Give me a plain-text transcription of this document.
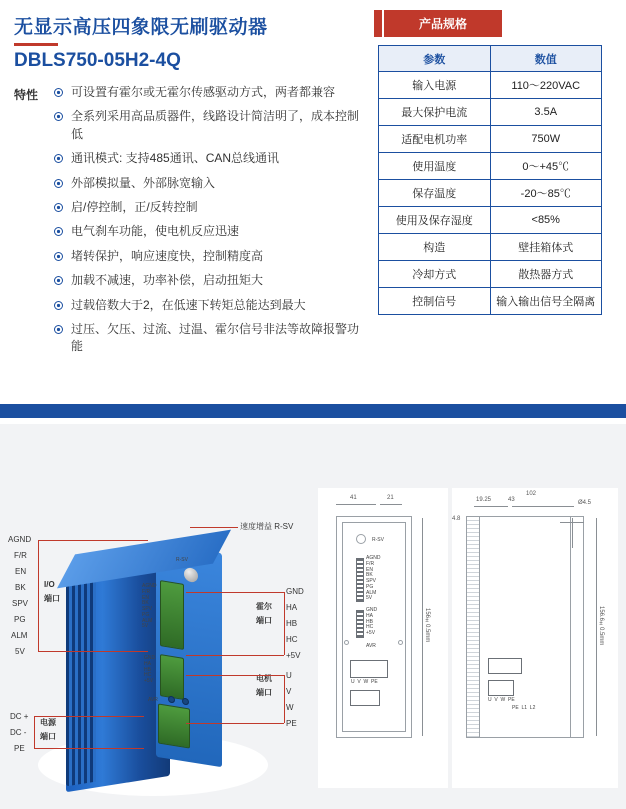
无显示高压四象限无刷驱动器
DBLS750-05H2-4Q
特性	可设置有霍尔或无霍尔传感驱动方式，两者都兼容
全系列采用高品质器件，线路设计简洁明了，成本控制低
通讯模式: 支持485通讯、CAN总线通讯
外部模拟量、外部脉宽输入
启/停控制，正/反转控制
电气刹车功能，使电机反应迅速
堵转保护，响应速度快，控制精度高
加载不减速，功率补偿，启动扭矩大
过载倍数大于2，在低速下转矩总能达到最大
过压、欠压、过流、过温、霍尔信号非法等故障报警功能
产品规格
参数	数值
输入电源	110～220VAC
最大保护电流	3.5A
适配电机功率	750W
使用温度	0～+45℃
保存温度	-20～85℃
使用及保存湿度	<85%
构造	壁挂箱体式
冷却方式	散热器方式
控制信号	输入输出信号全隔离
AGND
F/R
EN
BK
SPV
PG
ALM
5V
GND
HA
HB
HC
+5V
AVR
R-SV
AGND
F/R
EN
BK
SPV
PG
ALM
5V
I/O
端口
DC +
DC -
PE
电源
端口
速度增益 R-SV
霍尔
端口
GND
HA
HB
HC
+5V
电机
端口
U
V
W
PE
41	21
156±0.5mm
R-SV
AGND
F/R
EN
BK
SPV
PG
ALM
5V
GND
HA
HB
HC
+5V
AVR
U  V  W  PE
19.25
102
43	Ø4.5
4.8
156.6±0.5mm
U  V  W  PE
PE  L1  L2
